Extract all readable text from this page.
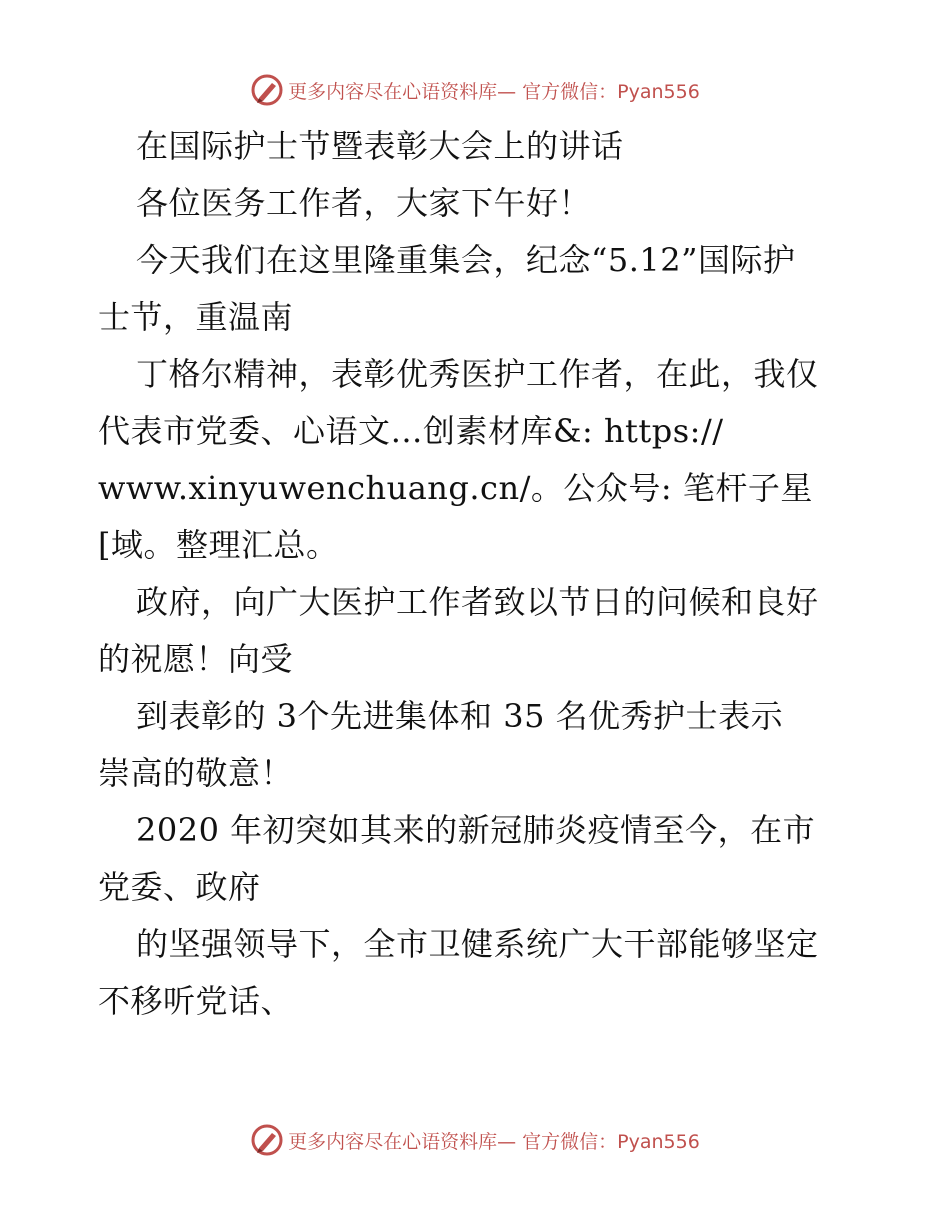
更多内容尽在心语资料库— 官方微信：Pyan556
在国际护士节暨表彰大会上的讲话
各位医务工作者，大家下午好！
今天我们在这里隆重集会，纪念“5.12”国际护
士节，重温南
丁格尔精神，表彰优秀医护工作者，在此，我仅
代表市党委、心语文…创素材库&: https://
www.xinyuwenchuang.cn/。公众号: 笔杆子星
[域。整理汇总。
政府，向广大医护工作者致以节日的问候和良好
的祝愿！向受
到表彰的 3个先进集体和 35 名优秀护士表示
崇高的敬意！
2020 年初突如其来的新冠肺炎疫情至今，在市
党委、政府
的坚强领导下，全市卫健系统广大干部能够坚定
不移听党话、
更多内容尽在心语资料库— 官方微信：Pyan556
